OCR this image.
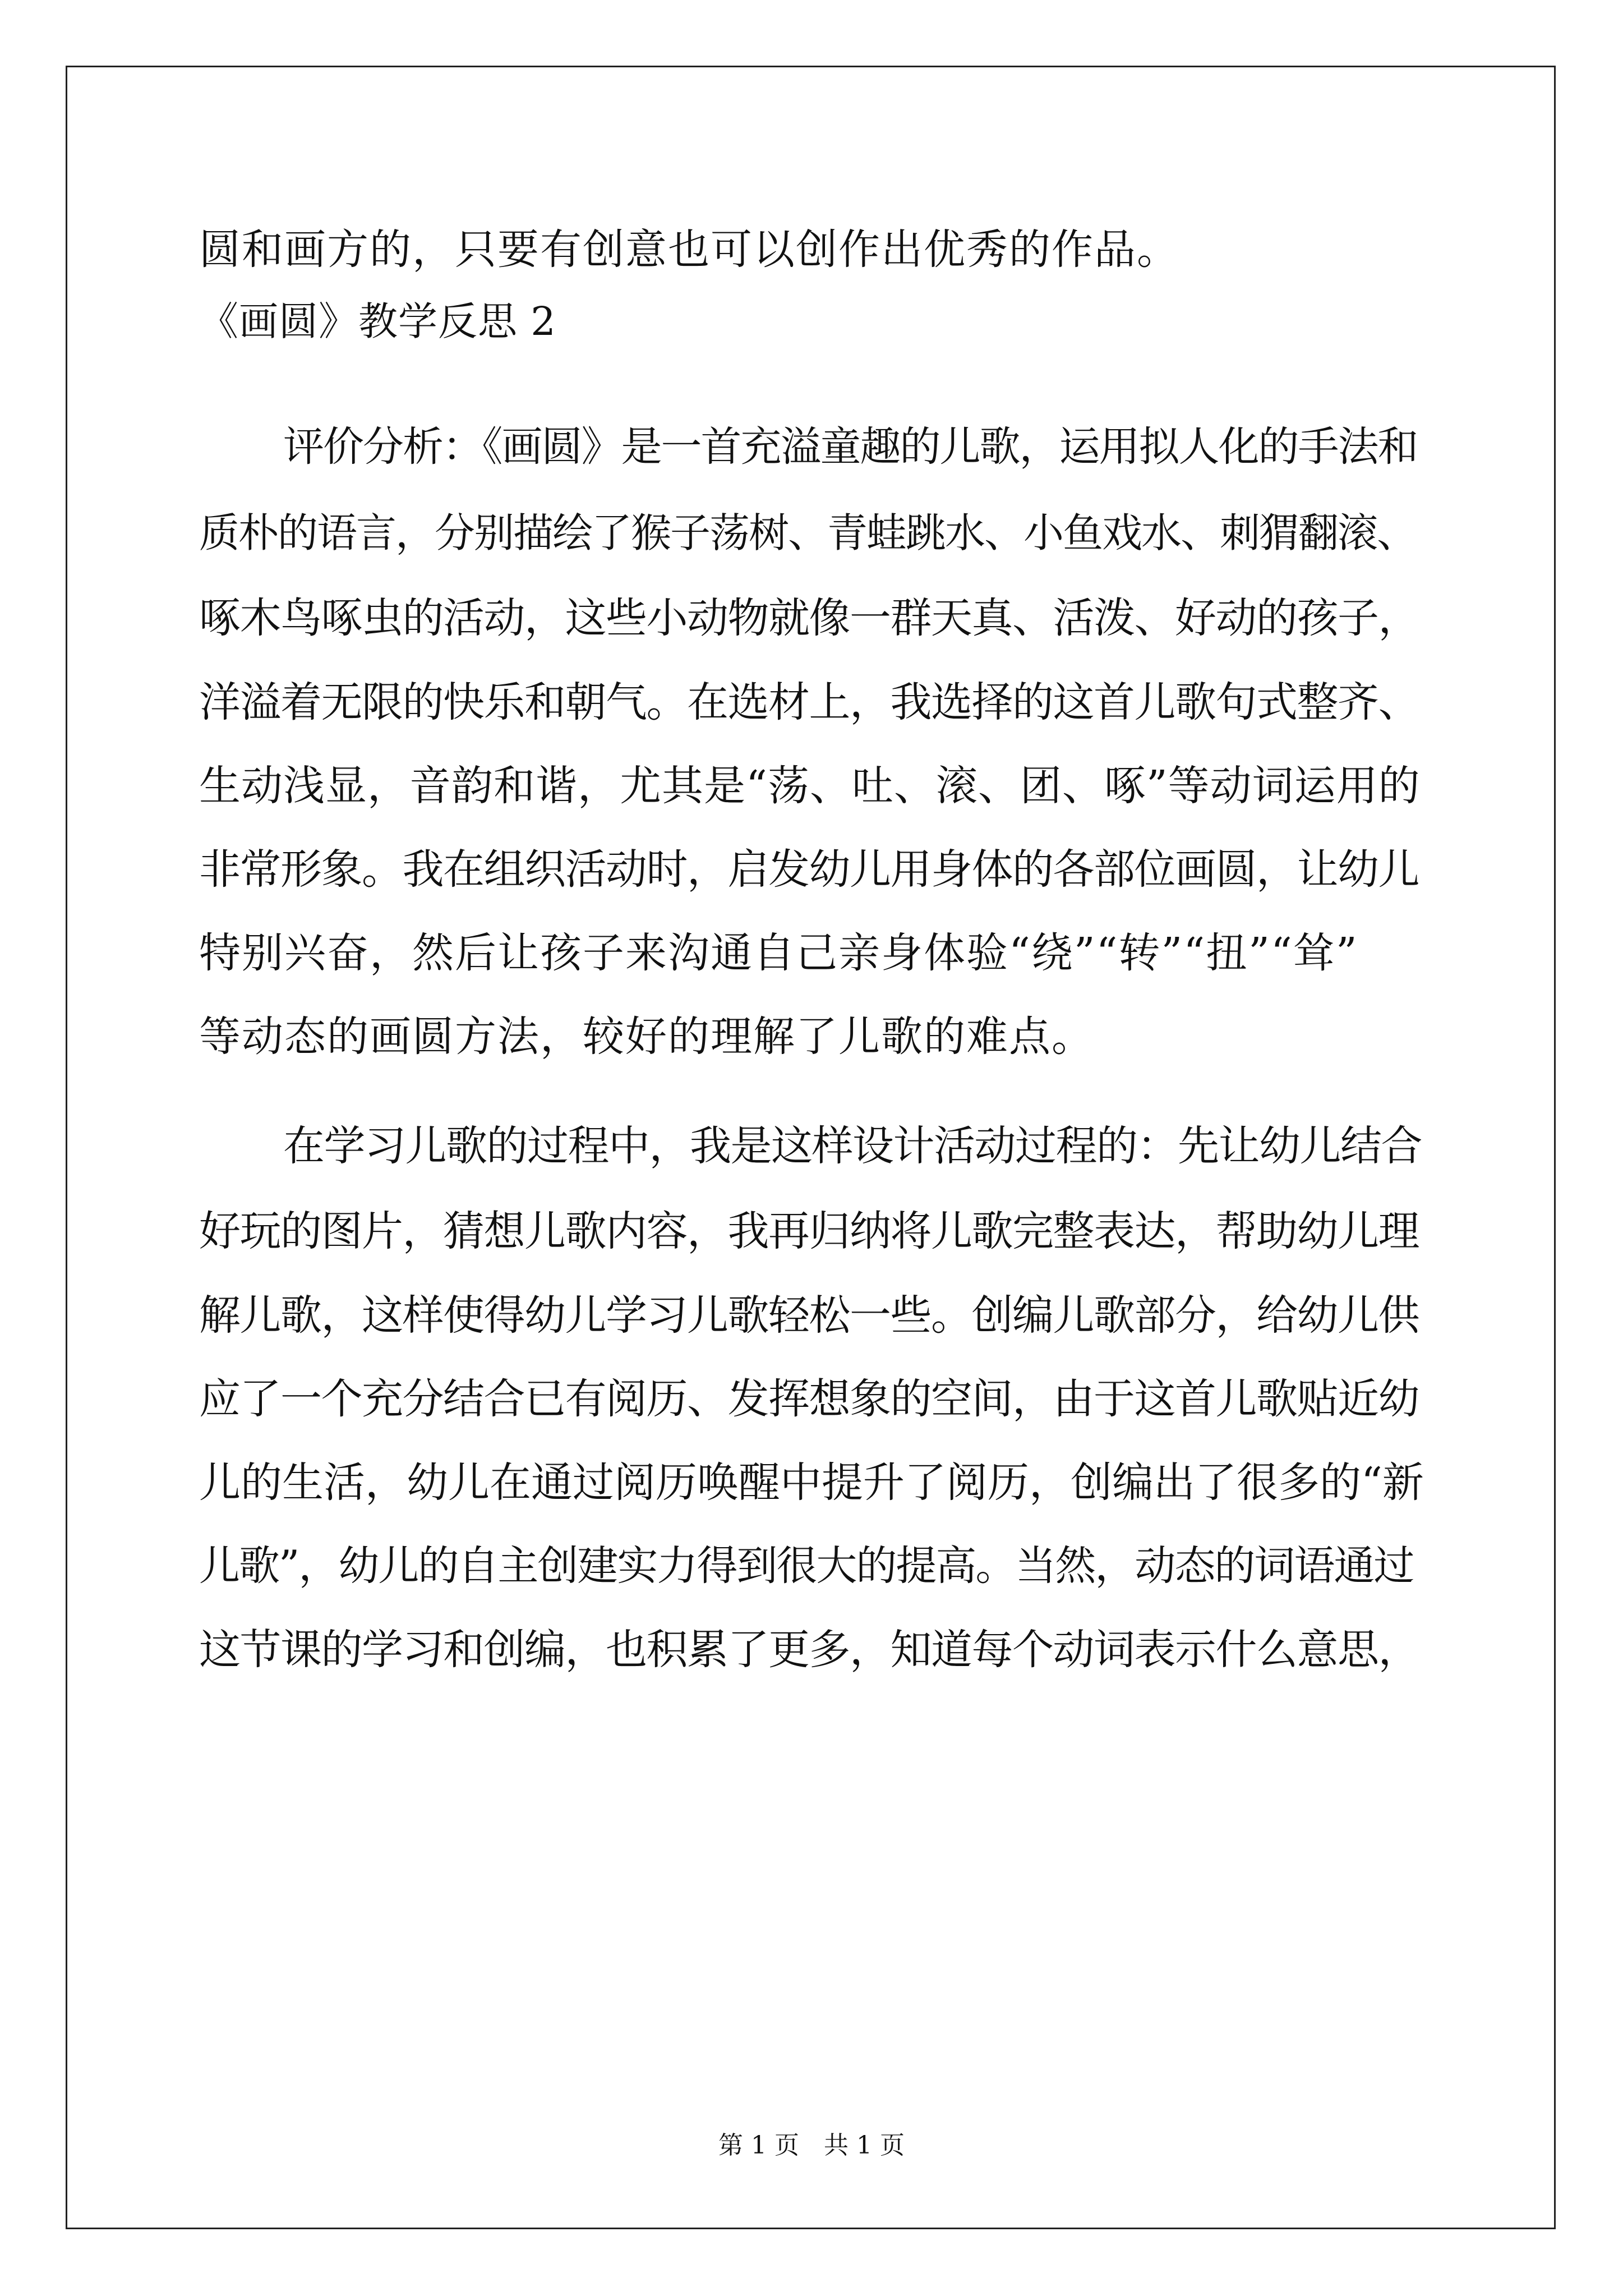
圆和画方的，只要有创意也可以创作出优秀的作品。
《画圆》教学反思 2
评价分析：《画圆》是一首充溢童趣的儿歌，运用拟人化的手法和
质朴的语言，分别描绘了猴子荡树、青蛙跳水、小鱼戏水、刺猬翻滚、
啄木鸟啄虫的活动，这些小动物就像一群天真、活泼、好动的孩子，
洋溢着无限的快乐和朝气。在选材上，我选择的这首儿歌句式整齐、
生动浅显，音韵和谐，尤其是“荡、吐、滚、团、啄”等动词运用的
非常形象。我在组织活动时，启发幼儿用身体的各部位画圆，让幼儿
特别兴奋，然后让孩子来沟通自己亲身体验“绕”“转”“扭”“耸”
等动态的画圆方法，较好的理解了儿歌的难点。
在学习儿歌的过程中，我是这样设计活动过程的：先让幼儿结合
好玩的图片，猜想儿歌内容，我再归纳将儿歌完整表达，帮助幼儿理
解儿歌，这样使得幼儿学习儿歌轻松一些。创编儿歌部分，给幼儿供
应了一个充分结合已有阅历、发挥想象的空间，由于这首儿歌贴近幼
儿的生活，幼儿在通过阅历唤醒中提升了阅历，创编出了很多的“新
儿歌”，幼儿的自主创建实力得到很大的提高。当然，动态的词语通过
这节课的学习和创编，也积累了更多，知道每个动词表示什么意思，
第 1 页　共 1 页
